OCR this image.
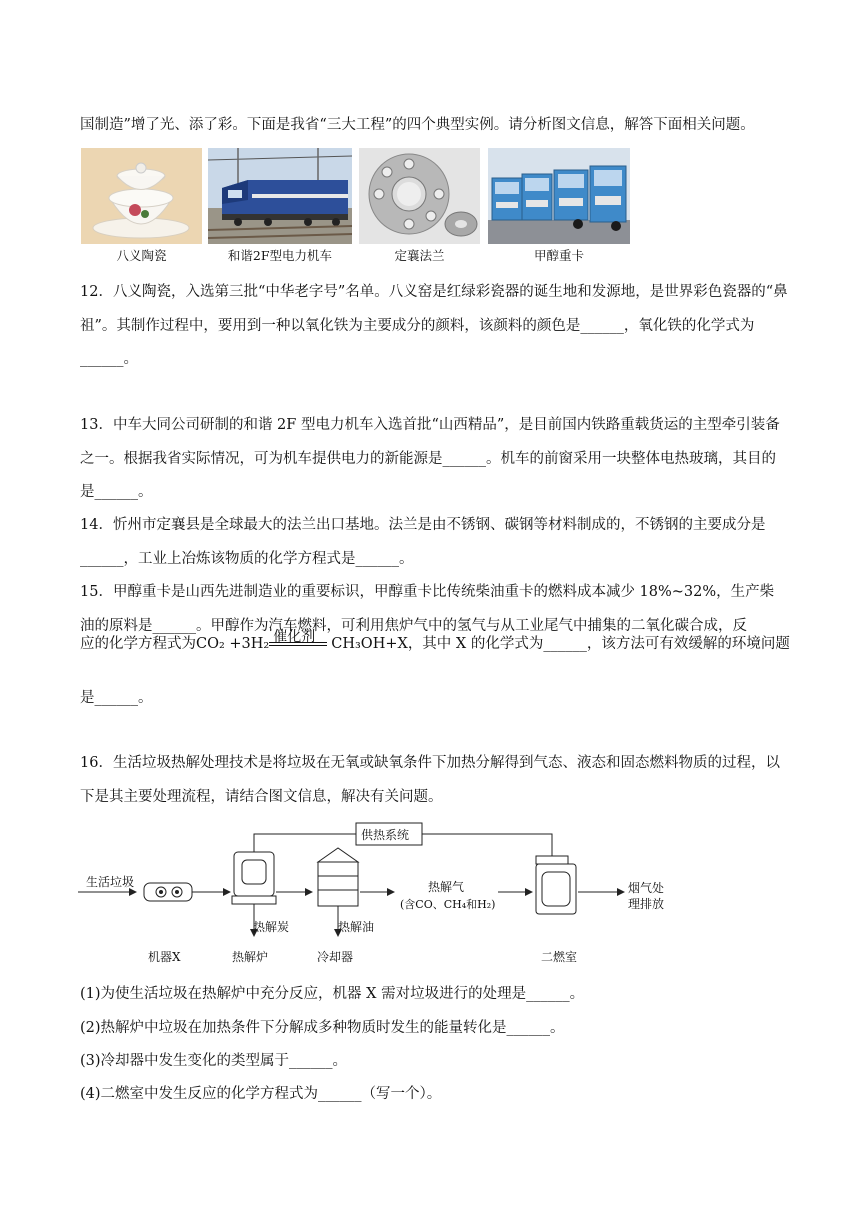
国制造”增了光、添了彩。下面是我省“三大工程”的四个典型实例。请分析图文信息，解答下面相关问题。

八义陶瓷	和谐2F型电力机车	定襄法兰	甲醇重卡

12．八义陶瓷，入选第三批“中华老字号”名单。八义窑是红绿彩瓷器的诞生地和发源地，是世界彩色瓷器的“鼻祖”。其制作过程中，要用到一种以氧化铁为主要成分的颜料，该颜料的颜色是______，氧化铁的化学式为______。

13．中车大同公司研制的和谐 2F 型电力机车入选首批“山西精品”，是目前国内铁路重载货运的主型牵引装备之一。根据我省实际情况，可为机车提供电力的新能源是______。机车的前窗采用一块整体电热玻璃，其目的是______。

14．忻州市定襄县是全球最大的法兰出口基地。法兰是由不锈钢、碳钢等材料制成的，不锈钢的主要成分是______，工业上冶炼该物质的化学方程式是______。

15．甲醇重卡是山西先进制造业的重要标识，甲醇重卡比传统柴油重卡的燃料成本减少 18%~32%，生产柴油的原料是______。甲醇作为汽车燃料，可利用焦炉气中的氢气与从工业尾气中捕集的二氧化碳合成，反

应的化学方程式为CO₂ +3H₂ 催化剂 CH₃OH+X，其中 X 的化学式为______，该方法可有效缓解的环境问题

是______。

16．生活垃圾热解处理技术是将垃圾在无氧或缺氧条件下加热分解得到气态、液态和固态燃料物质的过程，以下是其主要处理流程，请结合图文信息，解决有关问题。

供热系统
生活垃圾
机器X	热解炉
热解炭
冷却器
热解油
热解气
(含CO、CH₄和H₂)
二燃室
烟气处
理排放

(1)为使生活垃圾在热解炉中充分反应，机器 X 需对垃圾进行的处理是______。

(2)热解炉中垃圾在加热条件下分解成多种物质时发生的能量转化是______。

(3)冷却器中发生变化的类型属于______。

(4)二燃室中发生反应的化学方程式为______（写一个）。
